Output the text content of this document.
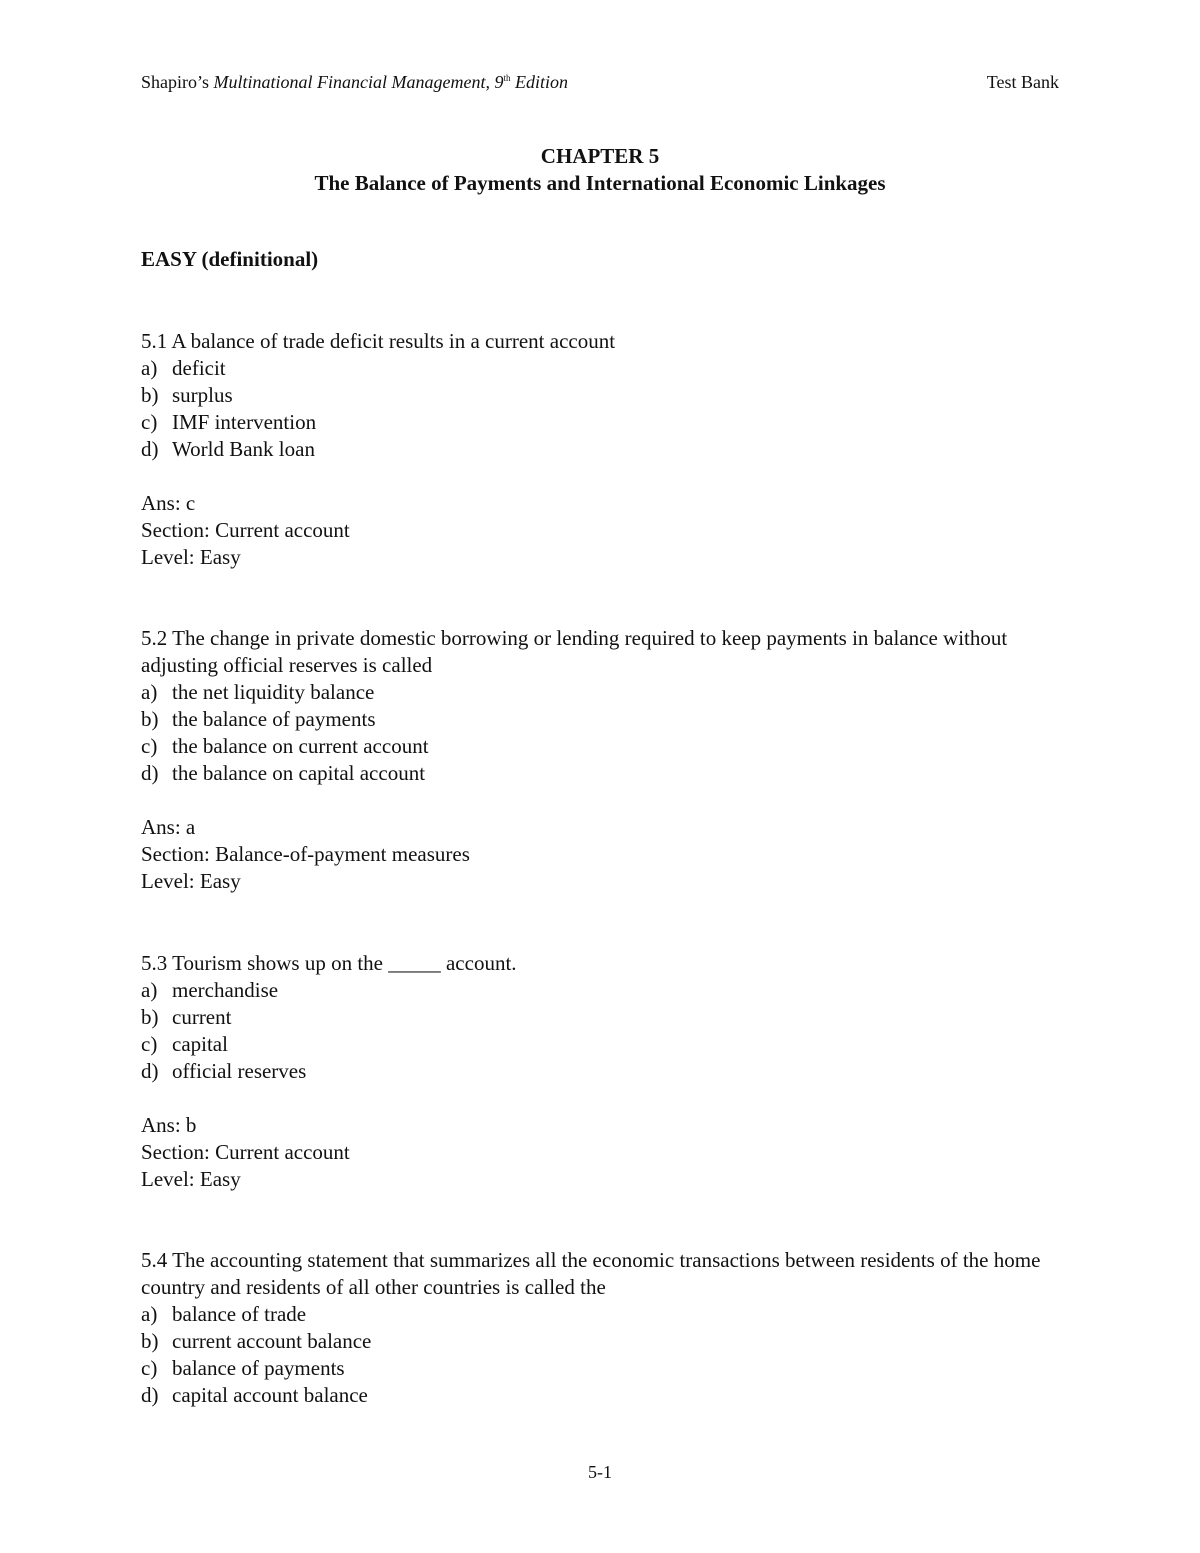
Shapiro’s Multinational Financial Management, 9th Edition	Test Bank
CHAPTER 5
The Balance of Payments and International Economic Linkages
EASY (definitional)

5.1 A balance of trade deficit results in a current account

a) deficit
b) surplus
c) IMF intervention
d) World Bank loan
Ans: c
Section: Current account
Level: Easy

5.2 The change in private domestic borrowing or lending required to keep payments in balance without adjusting official reserves is called

a) the net liquidity balance
b) the balance of payments
c) the balance on current account
d) the balance on capital account
Ans: a
Section: Balance-of-payment measures
Level: Easy

5.3 Tourism shows up on the _____ account.

a) merchandise
b) current
c) capital
d) official reserves
Ans: b
Section: Current account
Level: Easy

5.4 The accounting statement that summarizes all the economic transactions between residents of the home country and residents of all other countries is called the

a) balance of trade
b) current account balance
c) balance of payments
d) capital account balance
5-1
